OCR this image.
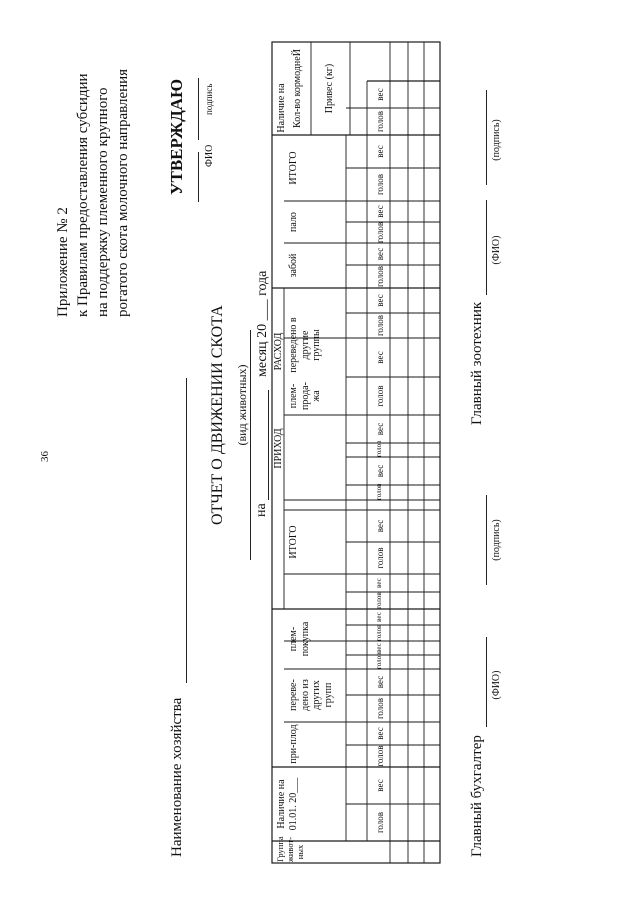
36
Приложение № 2 к Правилам предоставления субсидии на поддержку племенного крупного рогатого скота молочного направления УТВЕРЖДАЮ ФИО
подпись
Наименование хозяйства
ОТЧЕТ О ДВИЖЕНИИ СКОТА (вид животных)
на
месяц 20 ___ года
Группа живот-ных
Наличие на 01.01. 20___
ПРИХОД
при-плод
переве-дено из других групп
плем-покупка
ИТОГО
РАСХОД
плем-прода-жа
переведено в другие группы
забой
пало
ИТОГО
Наличие на Кол-во кормоднеЙ Привес (кг)
голов
вес
голов
вес
голов
вес
голов
вес
голов
вес
голов
вес
голов
вес
голов
вес
голов
вес
голов
вес
голов
вес
голов
вес
голов
вес
голов
вес
голов
вес
Главный бухгалтер
(ФИО)
(подпись)
Главный зоотехник
(ФИО)
(подпись)
